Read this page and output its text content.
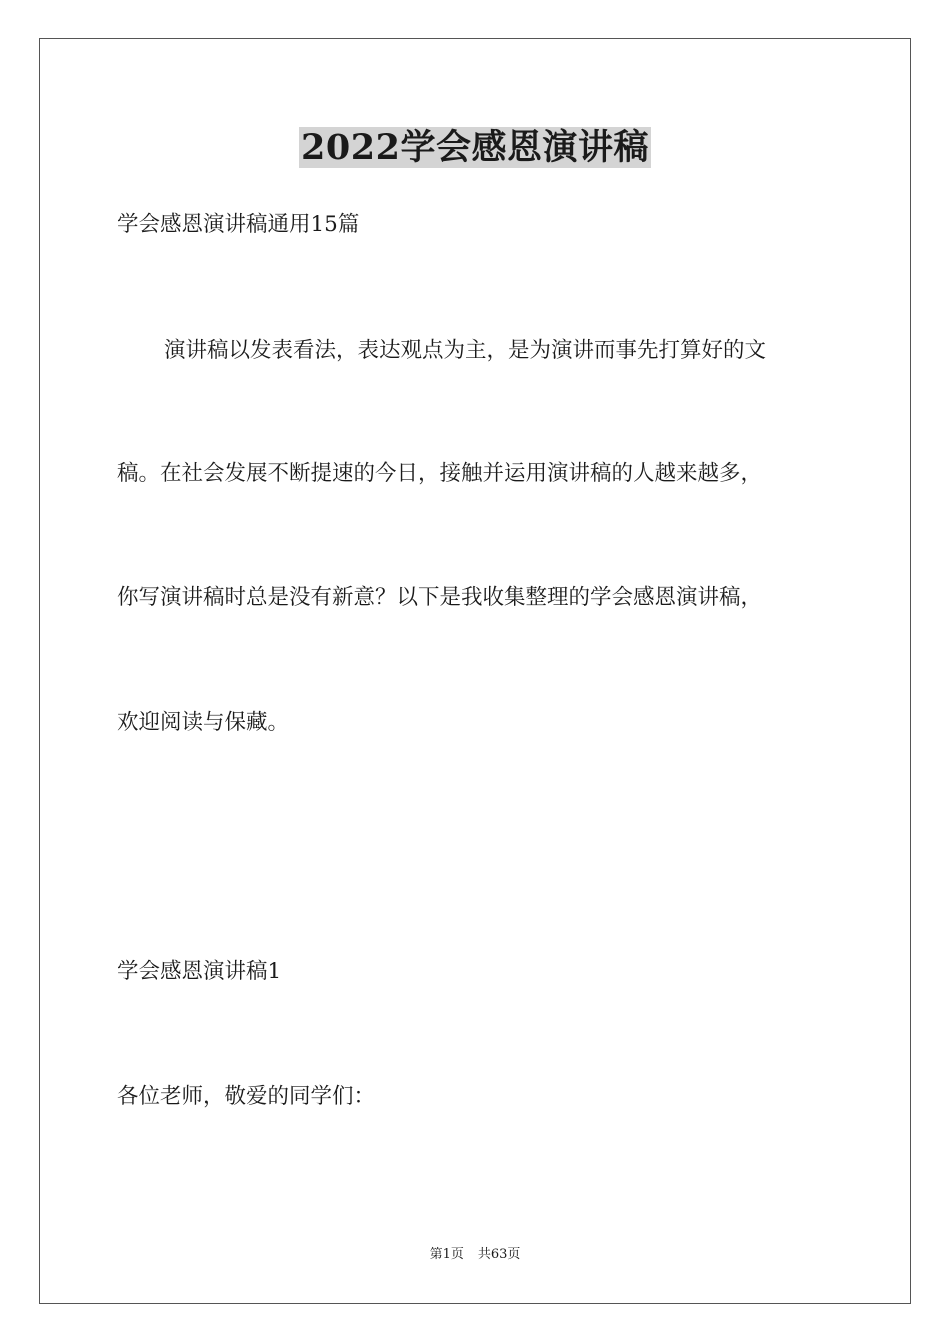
2022学会感恩演讲稿
学会感恩演讲稿通用15篇
演讲稿以发表看法，表达观点为主，是为演讲而事先打算好的文
稿。在社会发展不断提速的今日，接触并运用演讲稿的人越来越多，
你写演讲稿时总是没有新意？以下是我收集整理的学会感恩演讲稿，
欢迎阅读与保藏。
学会感恩演讲稿1
各位老师，敬爱的同学们：
第1页 共63页
